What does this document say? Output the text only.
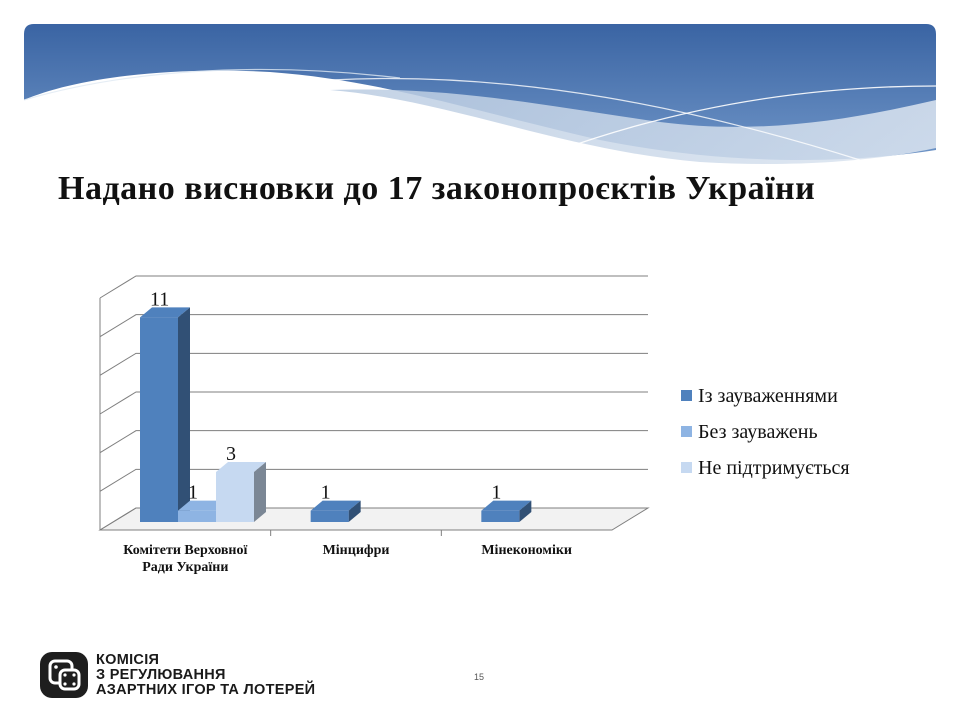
Надано висновки до 17 законопроєктів України
11
1
3
1	1
Комітети Верховної
Ради України
Мінцифри	Мінекономіки
Із зауваженнями
Без зауважень
Не підтримується
КОМІСІЯ
З РЕГУЛЮВАННЯ
АЗАРТНИХ ІГОР ТА ЛОТЕРЕЙ
15
